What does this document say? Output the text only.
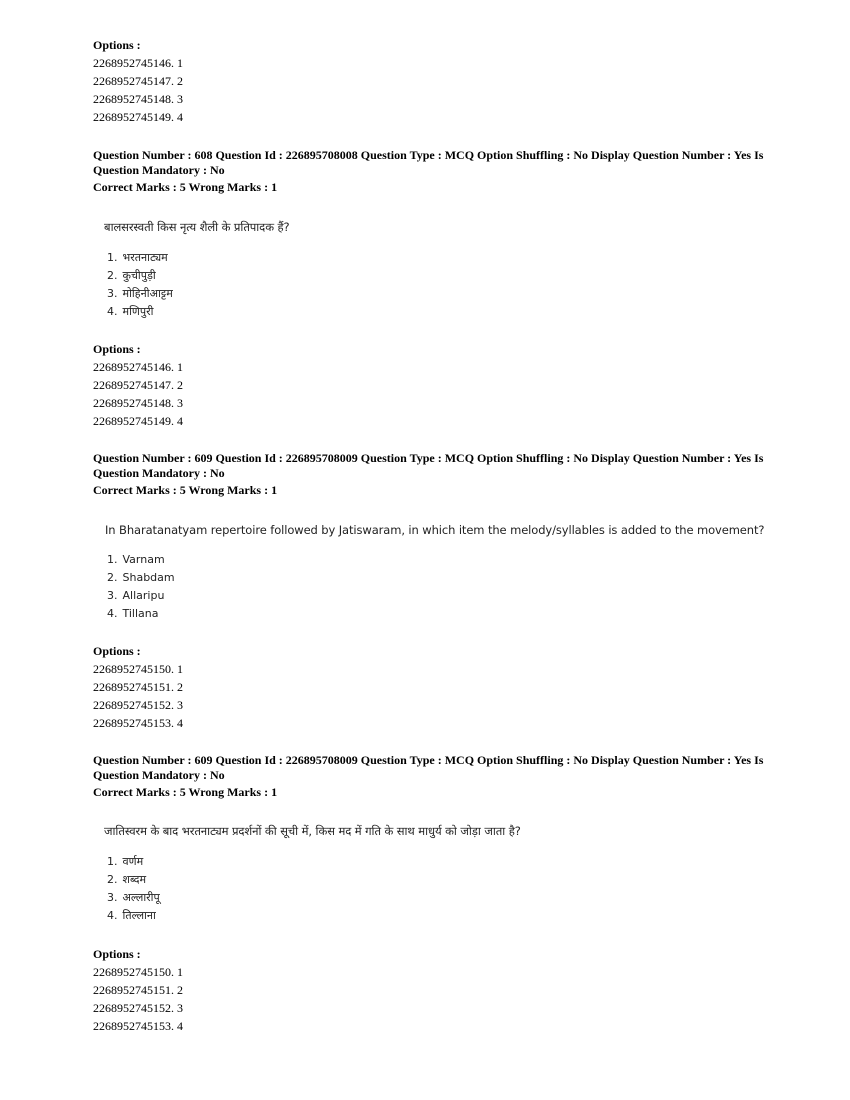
Options :
2268952745146. 1
2268952745147. 2
2268952745148. 3
2268952745149. 4
Question Number : 608 Question Id : 226895708008 Question Type : MCQ Option Shuffling : No Display Question Number : Yes Is
Question Mandatory : No
Correct Marks : 5 Wrong Marks : 1
बालसरस्वती किस नृत्य शैली के प्रतिपादक हैं?
1. भरतनाट्यम
2. कुचीपुड़ी
3. मोहिनीआट्टम
4. मणिपुरी
Options :
2268952745146. 1
2268952745147. 2
2268952745148. 3
2268952745149. 4
Question Number : 609 Question Id : 226895708009 Question Type : MCQ Option Shuffling : No Display Question Number : Yes Is
Question Mandatory : No
Correct Marks : 5 Wrong Marks : 1
In Bharatanatyam repertoire followed by Jatiswaram, in which item the melody/syllables is added to the movement?
1. Varnam
2. Shabdam
3. Allaripu
4. Tillana
Options :
2268952745150. 1
2268952745151. 2
2268952745152. 3
2268952745153. 4
Question Number : 609 Question Id : 226895708009 Question Type : MCQ Option Shuffling : No Display Question Number : Yes Is
Question Mandatory : No
Correct Marks : 5 Wrong Marks : 1
जातिस्वरम के बाद भरतनाट्यम प्रदर्शनों की सूची में, किस मद में गति के साथ माधुर्य को जोड़ा जाता है?
1. वर्णम
2. शब्दम
3. अल्लारीपू
4. तिल्लाना
Options :
2268952745150. 1
2268952745151. 2
2268952745152. 3
2268952745153. 4
